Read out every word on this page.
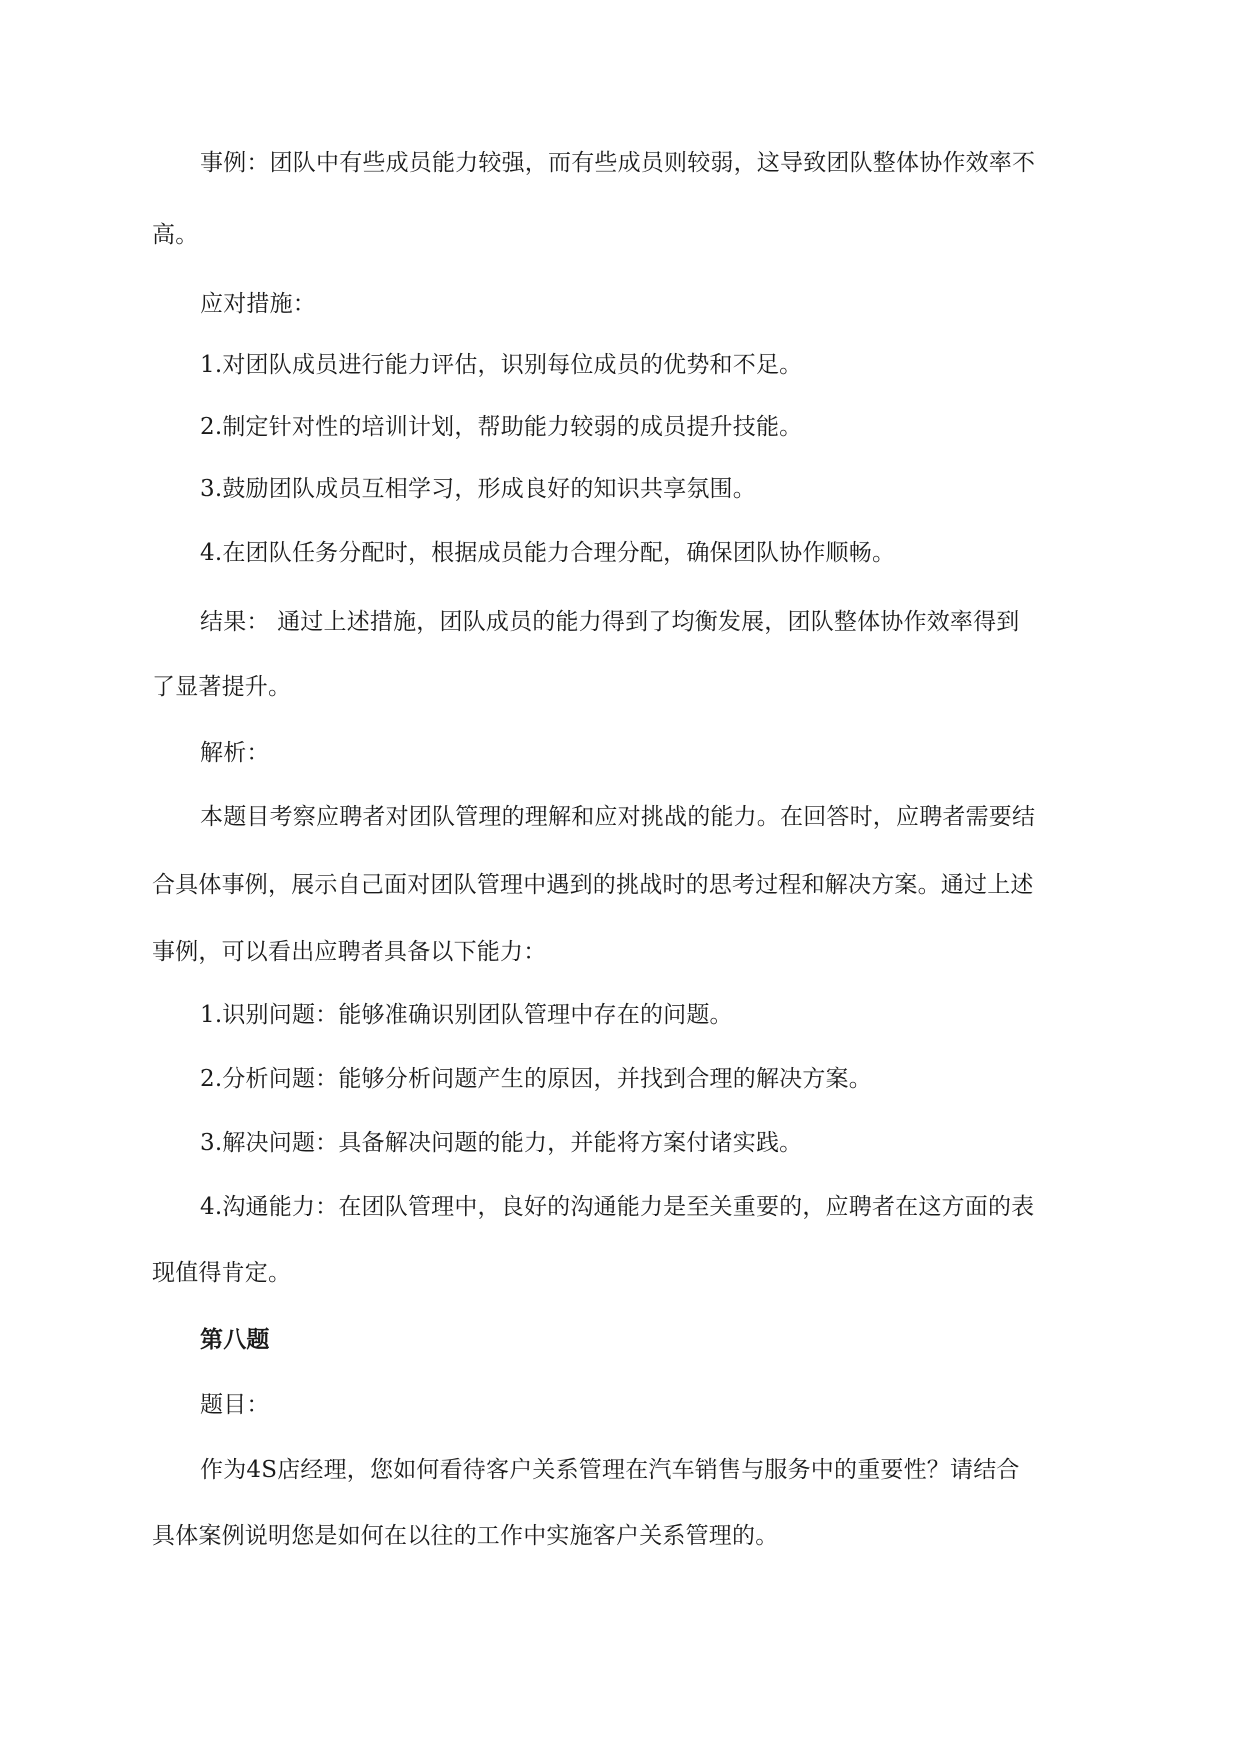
事例：团队中有些成员能力较强，而有些成员则较弱，这导致团队整体协作效率不
高。
应对措施：
1.对团队成员进行能力评估，识别每位成员的优势和不足。
2.制定针对性的培训计划，帮助能力较弱的成员提升技能。
3.鼓励团队成员互相学习，形成良好的知识共享氛围。
4.在团队任务分配时，根据成员能力合理分配，确保团队协作顺畅。
结果： 通过上述措施，团队成员的能力得到了均衡发展，团队整体协作效率得到
了显著提升。
解析：
本题目考察应聘者对团队管理的理解和应对挑战的能力。在回答时，应聘者需要结
合具体事例，展示自己面对团队管理中遇到的挑战时的思考过程和解决方案。通过上述
事例，可以看出应聘者具备以下能力：
1.识别问题：能够准确识别团队管理中存在的问题。
2.分析问题：能够分析问题产生的原因，并找到合理的解决方案。
3.解决问题：具备解决问题的能力，并能将方案付诸实践。
4.沟通能力：在团队管理中，良好的沟通能力是至关重要的，应聘者在这方面的表
现值得肯定。
第八题
题目：
作为4S店经理，您如何看待客户关系管理在汽车销售与服务中的重要性？请结合
具体案例说明您是如何在以往的工作中实施客户关系管理的。
